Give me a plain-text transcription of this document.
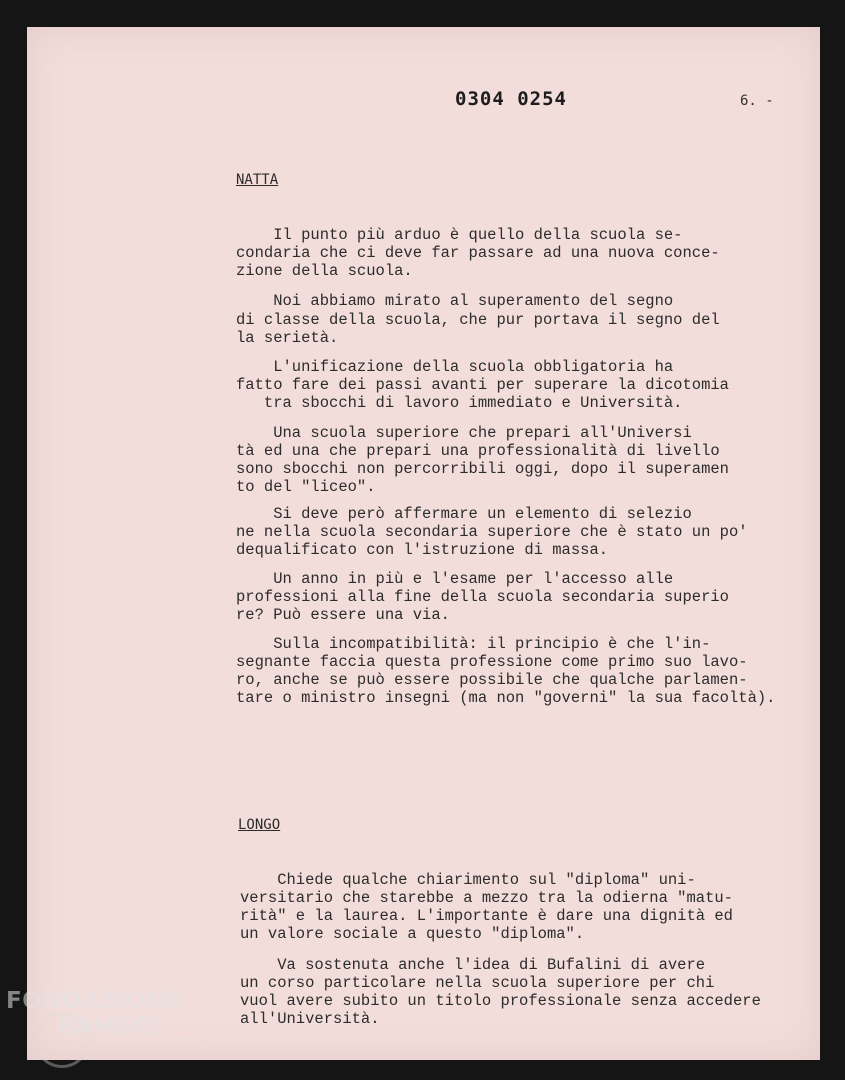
0304 0254	6. -
NATTA
Il punto più arduo è quello della scuola se-
condaria che ci deve far passare ad una nuova conce-
zione della scuola.
Noi abbiamo mirato al superamento del segno
di classe della scuola, che pur portava il segno del
la serietà.
L'unificazione della scuola obbligatoria ha
fatto fare dei passi avanti per superare la dicotomia
tra sbocchi di lavoro immediato e Università.
Una scuola superiore che prepari all'Universi
tà ed una che prepari una professionalità di livello
sono sbocchi non percorribili oggi, dopo il superamen
to del "liceo".
Si deve però affermare un elemento di selezio
ne nella scuola secondaria superiore che è stato un po'
dequalificato con l'istruzione di massa.
Un anno in più e l'esame per l'accesso alle
professioni alla fine della scuola secondaria superio
re? Può essere una via.
Sulla incompatibilità: il principio è che l'in-
segnante faccia questa professione come primo suo lavo-
ro, anche se può essere possibile che qualche parlamen-
tare o ministro insegni (ma non "governi" la sua facoltà).
LONGO
Chiede qualche chiarimento sul "diploma" uni-
versitario che starebbe a mezzo tra la odierna "matu-
rità" e la laurea. L'importante è dare una dignità ed
un valore sociale a questo "diploma".
Va sostenuta anche l'idea di Bufalini di avere
un corso particolare nella scuola superiore per chi
vuol avere subito un titolo professionale senza accedere
all'Università.
FONDAZIONE
RAMSCI
onlus
